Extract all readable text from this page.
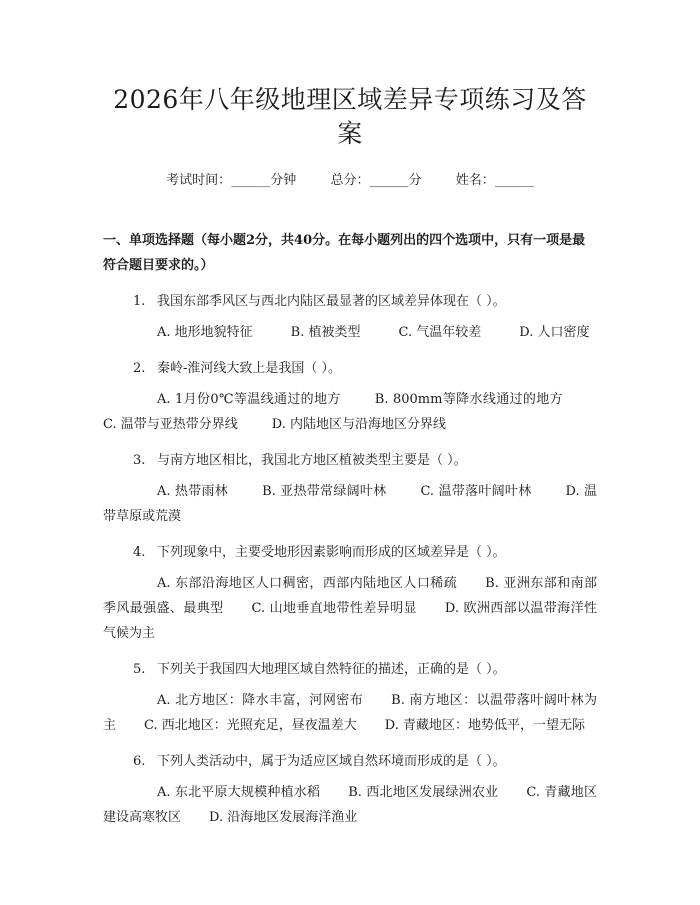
2026年八年级地理区域差异专项练习及答案
考试时间：______分钟	总分：______分	姓名：______
一、单项选择题（每小题2分，共40分。在每小题列出的四个选项中，只有一项是最符合题目要求的。）
1. 我国东部季风区与西北内陆区最显著的区域差异体现在（ ）。
A. 地形地貌特征	B. 植被类型	C. 气温年较差	D. 人口密度
2. 秦岭-淮河线大致上是我国（ ）。
A. 1月份0℃等温线通过的地方	B. 800mm等降水线通过的地方C. 温带与亚热带分界线	D. 内陆地区与沿海地区分界线
3. 与南方地区相比，我国北方地区植被类型主要是（ ）。
A. 热带雨林	B. 亚热带常绿阔叶林	C. 温带落叶阔叶林	D. 温带草原或荒漠
4. 下列现象中，主要受地形因素影响而形成的区域差异是（ ）。
A. 东部沿海地区人口稠密，西部内陆地区人口稀疏 B. 亚洲东部和南部季风最强盛、最典型 C. 山地垂直地带性差异明显 D. 欧洲西部以温带海洋性气候为主
5. 下列关于我国四大地理区域自然特征的描述，正确的是（ ）。
A. 北方地区：降水丰富，河网密布 B. 南方地区：以温带落叶阔叶林为主 C. 西北地区：光照充足，昼夜温差大 D. 青藏地区：地势低平，一望无际
6. 下列人类活动中，属于为适应区域自然环境而形成的是（ ）。
A. 东北平原大规模种植水稻 B. 西北地区发展绿洲农业 C. 青藏地区建设高寒牧区 D. 沿海地区发展海洋渔业
